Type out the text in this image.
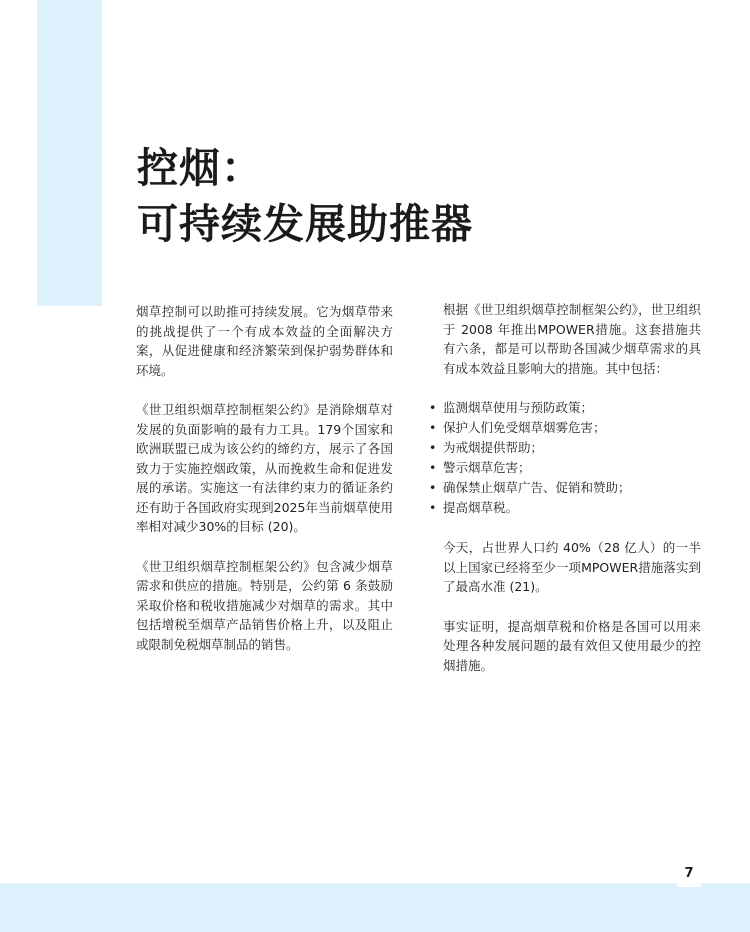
控烟：
可持续发展助推器

烟草控制可以助推可持续发展。它为烟草带来的挑战提供了一个有成本效益的全面解决方案，从促进健康和经济繁荣到保护弱势群体和环境。

《世卫组织烟草控制框架公约》是消除烟草对发展的负面影响的最有力工具。179个国家和欧洲联盟已成为该公约的缔约方，展示了各国致力于实施控烟政策，从而挽救生命和促进发展的承诺。实施这一有法律约束力的循证条约还有助于各国政府实现到2025年当前烟草使用率相对减少30%的目标 (20)。

《世卫组织烟草控制框架公约》包含减少烟草需求和供应的措施。特别是，公约第 6 条鼓励采取价格和税收措施减少对烟草的需求。其中包括增税至烟草产品销售价格上升，以及阻止或限制免税烟草制品的销售。

根据《世卫组织烟草控制框架公约》，世卫组织于 2008 年推出MPOWER措施。这套措施共有六条，都是可以帮助各国减少烟草需求的具有成本效益且影响大的措施。其中包括：

• 监测烟草使用与预防政策；
• 保护人们免受烟草烟雾危害；
• 为戒烟提供帮助；
• 警示烟草危害；
• 确保禁止烟草广告、促销和赞助；
• 提高烟草税。

今天，占世界人口约 40%（28 亿人）的一半以上国家已经将至少一项MPOWER措施落实到了最高水准 (21)。

事实证明，提高烟草税和价格是各国可以用来处理各种发展问题的最有效但又使用最少的控烟措施。

7
